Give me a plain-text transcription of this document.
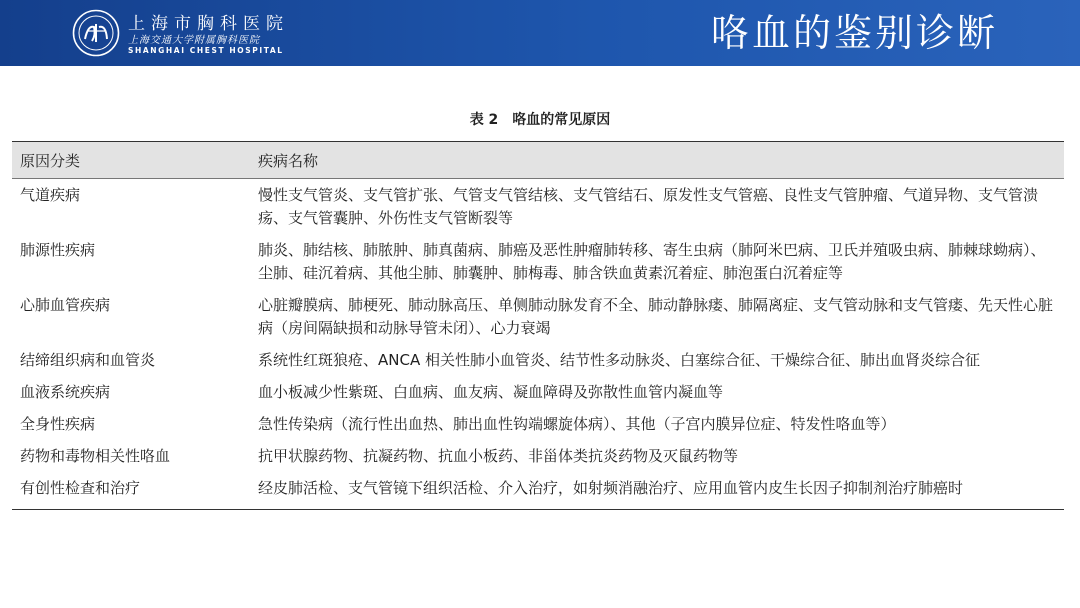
上海市胸科医院
上海交通大学附属胸科医院
SHANGHAI CHEST HOSPITAL	咯血的鉴别诊断
表 2 咯血的常见原因
原因分类	疾病名称
气道疾病	慢性支气管炎、支气管扩张、气管支气管结核、支气管结石、原发性支气管癌、良性支气管肿瘤、气道异物、支气管溃疡、支气管囊肿、外伤性支气管断裂等
肺源性疾病	肺炎、肺结核、肺脓肿、肺真菌病、肺癌及恶性肿瘤肺转移、寄生虫病（肺阿米巴病、卫氏并殖吸虫病、肺棘球蚴病）、尘肺、硅沉着病、其他尘肺、肺囊肿、肺梅毒、肺含铁血黄素沉着症、肺泡蛋白沉着症等
心肺血管疾病	心脏瓣膜病、肺梗死、肺动脉高压、单侧肺动脉发育不全、肺动静脉瘘、肺隔离症、支气管动脉和支气管瘘、先天性心脏病（房间隔缺损和动脉导管未闭）、心力衰竭
结缔组织病和血管炎	系统性红斑狼疮、ANCA 相关性肺小血管炎、结节性多动脉炎、白塞综合征、干燥综合征、肺出血肾炎综合征
血液系统疾病	血小板减少性紫斑、白血病、血友病、凝血障碍及弥散性血管内凝血等
全身性疾病	急性传染病（流行性出血热、肺出血性钩端螺旋体病）、其他（子宫内膜异位症、特发性咯血等）
药物和毒物相关性咯血	抗甲状腺药物、抗凝药物、抗血小板药、非甾体类抗炎药物及灭鼠药物等
有创性检查和治疗	经皮肺活检、支气管镜下组织活检、介入治疗，如射频消融治疗、应用血管内皮生长因子抑制剂治疗肺癌时
